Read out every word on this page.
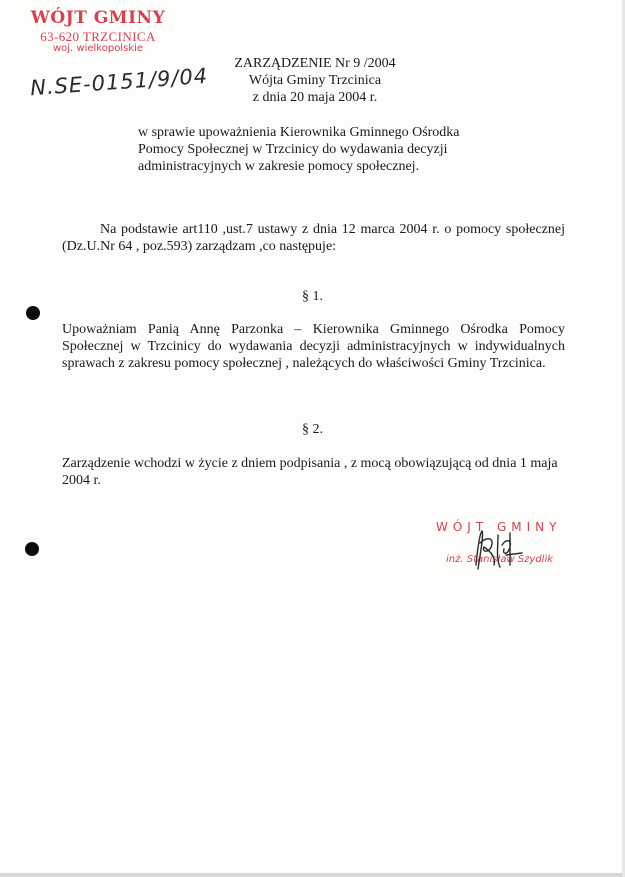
WÓJT GMINY
63-620 TRZCINICA
woj. wielkopolskie
N.SE-0151/9/04
ZARZĄDZENIE Nr 9 /2004
Wójta Gminy Trzcinica
z dnia 20 maja 2004 r.
w sprawie upoważnienia Kierownika Gminnego Ośrodka Pomocy Społecznej w Trzcinicy do wydawania decyzji administracyjnych w zakresie pomocy społecznej.
Na podstawie art110 ,ust.7 ustawy z dnia 12 marca 2004 r. o pomocy społecznej (Dz.U.Nr 64 , poz.593) zarządzam ,co następuje:
§ 1.
Upoważniam Panią Annę Parzonka – Kierownika Gminnego Ośrodka Pomocy Społecznej w Trzcinicy do wydawania decyzji administracyjnych w indywidualnych sprawach z zakresu pomocy społecznej , należących do właściwości Gminy Trzcinica.
§ 2.
Zarządzenie wchodzi w życie z dniem podpisania , z mocą obowiązującą od dnia 1 maja 2004 r.
WÓJT GMINY
inż. Stanisław Szydlik
